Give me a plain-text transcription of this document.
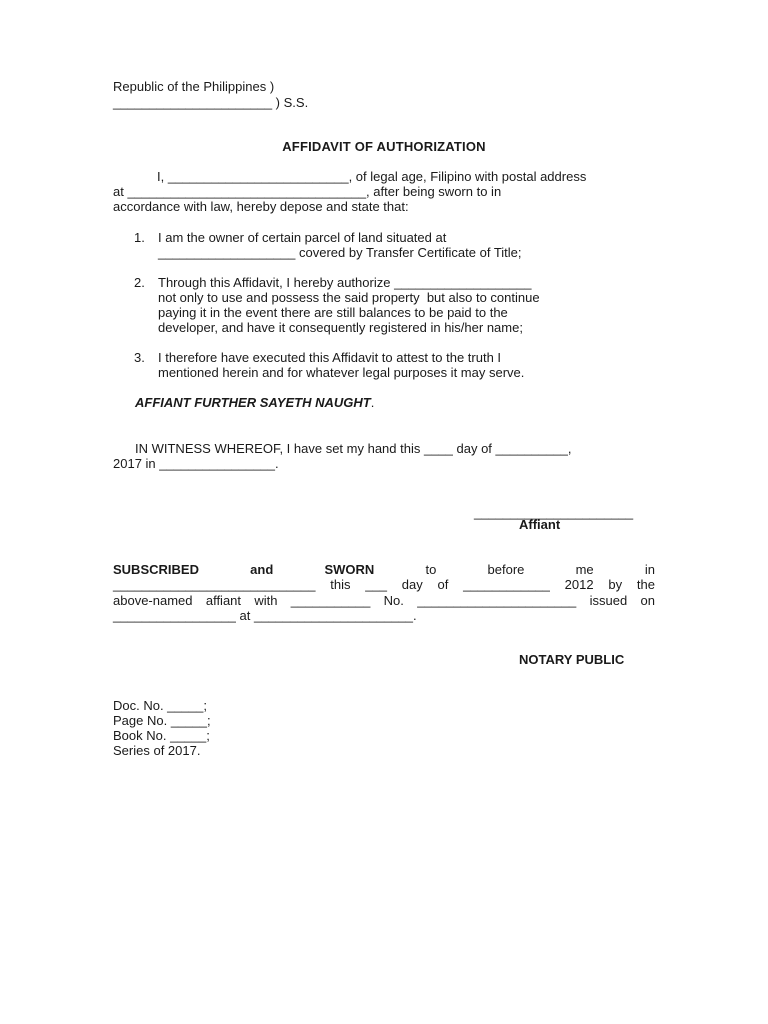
Republic of the Philippines )
______________________ ) S.S.
AFFIDAVIT OF AUTHORIZATION
I, _________________________, of legal age, Filipino with postal address
at _________________________________, after being sworn to in
accordance with law, hereby depose and state that:
1. I am the owner of certain parcel of land situated at
___________________ covered by Transfer Certificate of Title;
2. Through this Affidavit, I hereby authorize ___________________
not only to use and possess the said property  but also to continue
paying it in the event there are still balances to be paid to the
developer, and have it consequently registered in his/her name;
3. I therefore have executed this Affidavit to attest to the truth I
mentioned herein and for whatever legal purposes it may serve.
AFFIANT FURTHER SAYETH NAUGHT.
IN WITNESS WHEREOF, I have set my hand this ____ day of __________,
2017 in ________________.
______________________
Affiant
SUBSCRIBED	and	SWORN	to	before	me	in
____________________________ this ___ day of ____________ 2012 by the
above-named affiant with ___________ No. ______________________ issued on
_________________ at ______________________.
NOTARY PUBLIC
Doc. No. _____;
Page No. _____;
Book No. _____;
Series of 2017.
